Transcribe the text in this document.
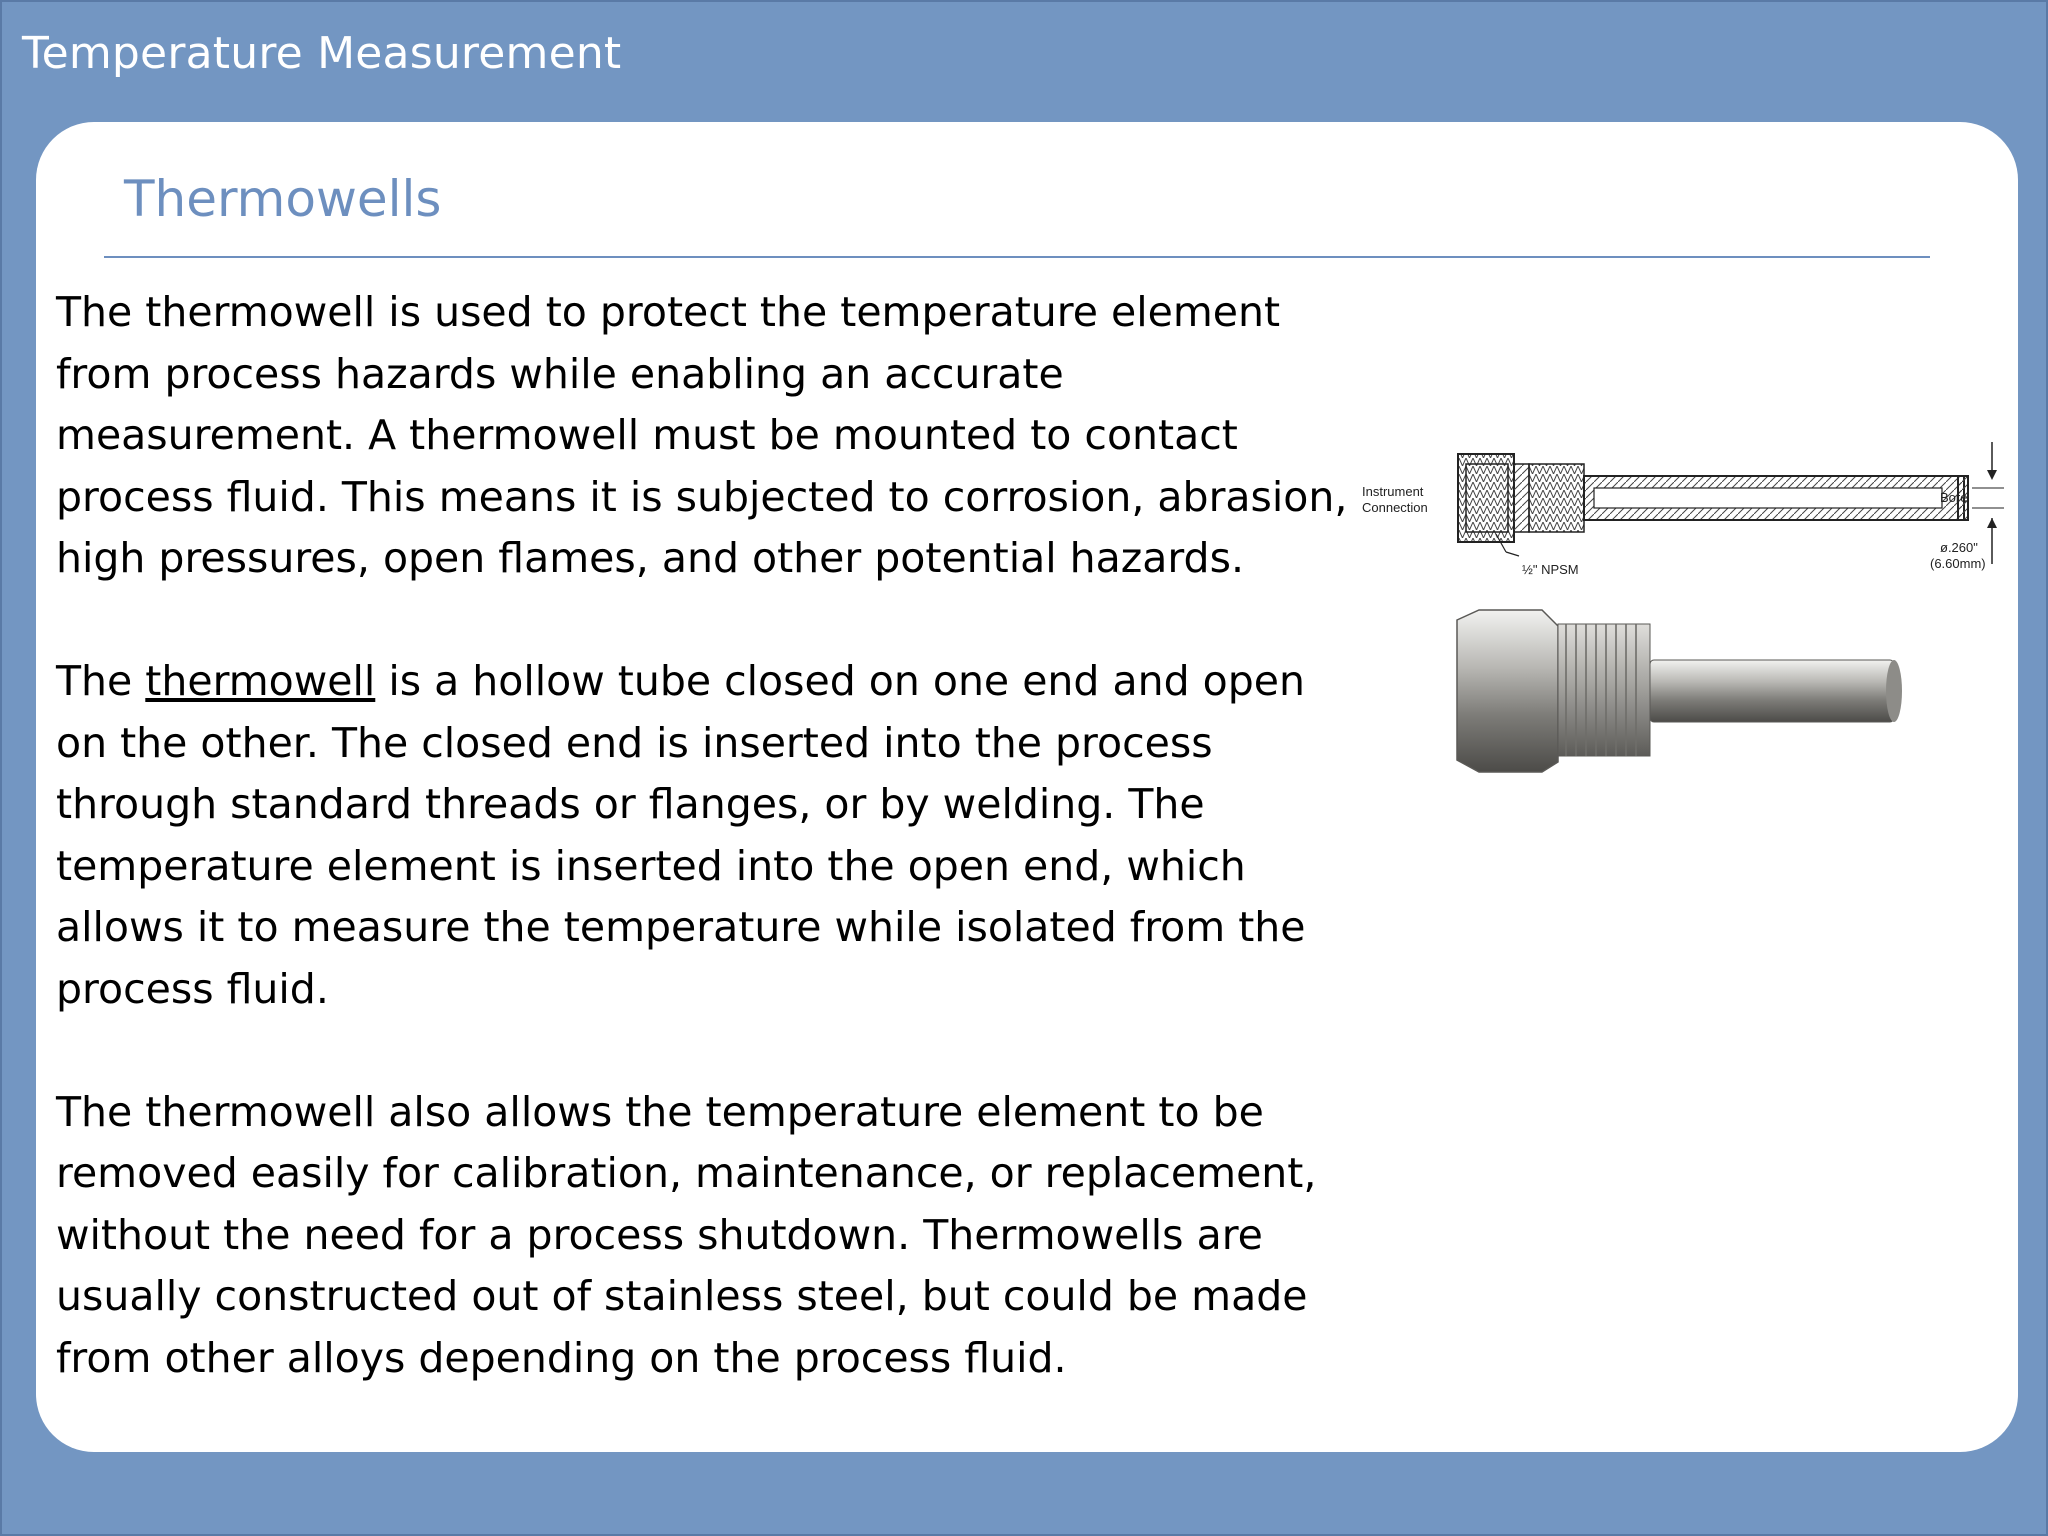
Temperature Measurement
Thermowells

The thermowell is used to protect the temperature element from process hazards while enabling an accurate measurement. A thermowell must be mounted to contact process fluid. This means it is subjected to corrosion, abrasion, high pressures, open flames, and other potential hazards.

The thermowell is a hollow tube closed on one end and open on the other. The closed end is inserted into the process through standard threads or flanges, or by welding. The temperature element is inserted into the open end, which allows it to measure the temperature while isolated from the process fluid.

The thermowell also allows the temperature element to be removed easily for calibration, maintenance, or replacement, without the need for a process shutdown. Thermowells are usually constructed out of stainless steel, but could be made from other alloys depending on the process fluid.

Instrument
Connection
Bore
ø.260"
(6.60mm)
½" NPSM
